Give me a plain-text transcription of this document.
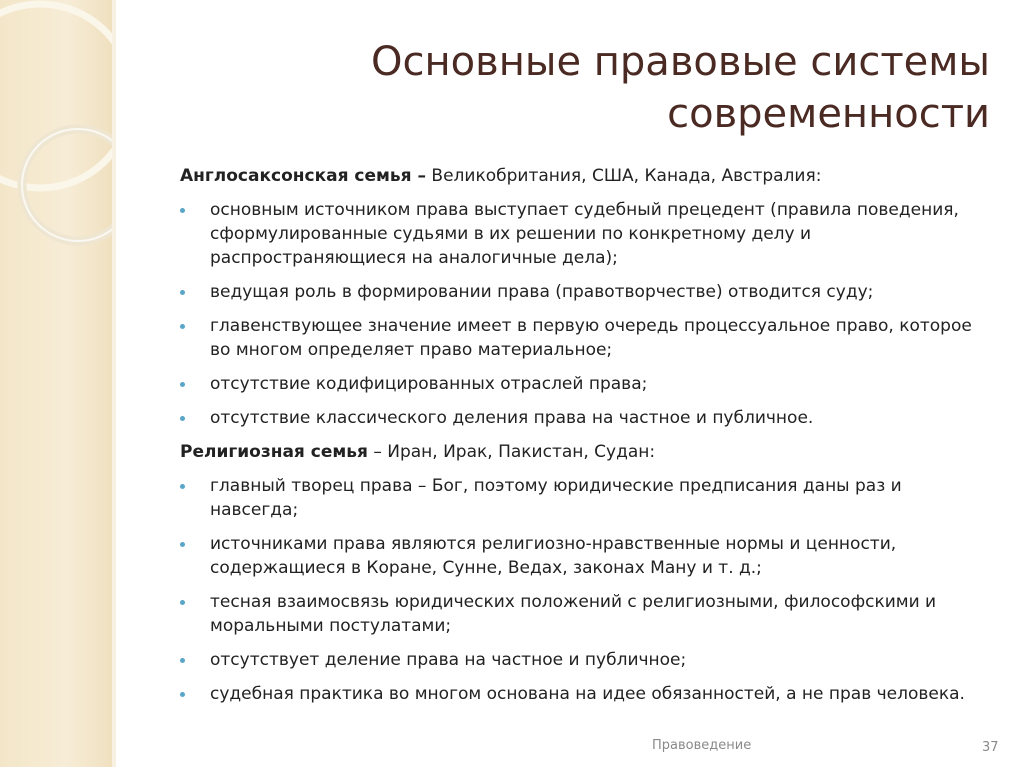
Основные правовые системы
современности

Англосаксонская семья – Великобритания, США, Канада, Австралия:

основным источником права выступает судебный прецедент (правила поведения, сформулированные судьями в их решении по конкретному делу и распространяющиеся на аналогичные дела);
ведущая роль в формировании права (правотворчестве) отводится суду;
главенствующее значение имеет в первую очередь процессуальное право, которое во многом определяет право материальное;
отсутствие кодифицированных отраслей права;
отсутствие классического деления права на частное и публичное.

Религиозная семья – Иран, Ирак, Пакистан, Судан:

главный творец права – Бог, поэтому юридические предписания даны раз и навсегда;
источниками права являются религиозно-нравственные нормы и ценности, содержащиеся в Коране, Сунне, Ведах, законах Ману и т. д.;
тесная взаимосвязь юридических положений с религиозными, философскими и моральными постулатами;
отсутствует деление права на частное и публичное;
судебная практика во многом основана на идее обязанностей, а не прав человека.
Правоведение	37
